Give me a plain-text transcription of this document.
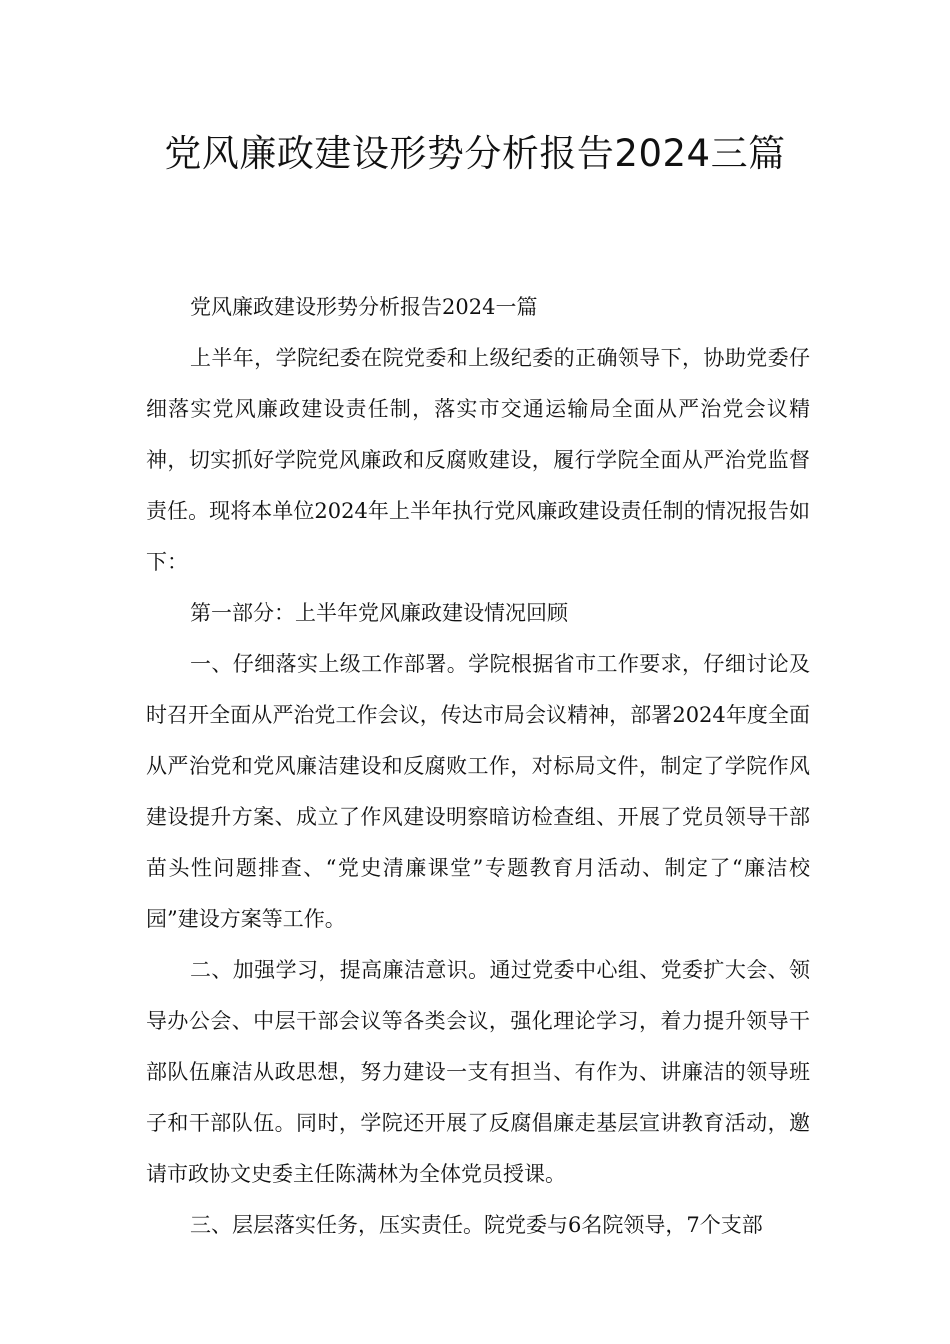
党风廉政建设形势分析报告2024三篇

党风廉政建设形势分析报告2024一篇

上半年，学院纪委在院党委和上级纪委的正确领导下，协助党委仔细落实党风廉政建设责任制，落实市交通运输局全面从严治党会议精神，切实抓好学院党风廉政和反腐败建设，履行学院全面从严治党监督责任。现将本单位2024年上半年执行党风廉政建设责任制的情况报告如下：

第一部分：上半年党风廉政建设情况回顾

一、仔细落实上级工作部署。学院根据省市工作要求，仔细讨论及时召开全面从严治党工作会议，传达市局会议精神，部署2024年度全面从严治党和党风廉洁建设和反腐败工作，对标局文件，制定了学院作风建设提升方案、成立了作风建设明察暗访检查组、开展了党员领导干部苗头性问题排查、“党史清廉课堂”专题教育月活动、制定了“廉洁校园”建设方案等工作。

二、加强学习，提高廉洁意识。通过党委中心组、党委扩大会、领导办公会、中层干部会议等各类会议，强化理论学习，着力提升领导干部队伍廉洁从政思想，努力建设一支有担当、有作为、讲廉洁的领导班子和干部队伍。同时，学院还开展了反腐倡廉走基层宣讲教育活动，邀请市政协文史委主任陈满林为全体党员授课。

三、层层落实任务，压实责任。院党委与6名院领导，7个支部
